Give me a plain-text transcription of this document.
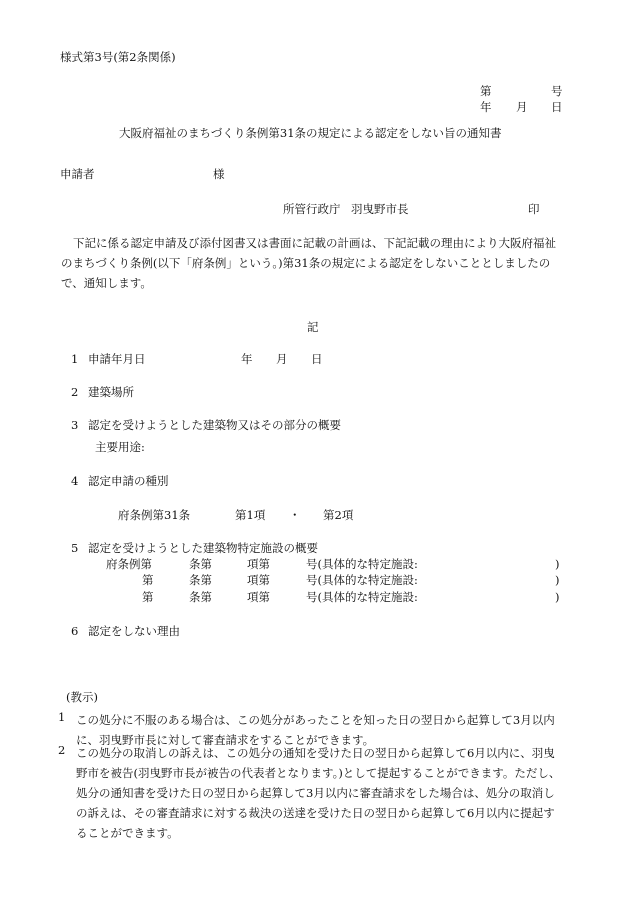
様式第3号(第2条関係)
第	号
年 月 日
大阪府福祉のまちづくり条例第31条の規定による認定をしない旨の通知書
申請者	様
所管行政庁 羽曳野市長	印
下記に係る認定申請及び添付図書又は書面に記載の計画は、下記記載の理由により大阪府福祉のまちづくり条例(以下「府条例」という。)第31条の規定による認定をしないこととしましたので、通知します。
記
1 申請年月日	年 月 日
2 建築場所
3 認定を受けようとした建築物又はその部分の概要
主要用途:
4 認定申請の種別
府条例第31条	第1項 ・ 第2項
5 認定を受けようとした建築物特定施設の概要
府条例第	条第	項第	号(具体的な特定施設:	)
第	条第	項第	号(具体的な特定施設:	)
第	条第	項第	号(具体的な特定施設:	)
6 認定をしない理由
(教示)
1 この処分に不服のある場合は、この処分があったことを知った日の翌日から起算して3月以内に、羽曳野市長に対して審査請求をすることができます。
2 この処分の取消しの訴えは、この処分の通知を受けた日の翌日から起算して6月以内に、羽曳野市を被告(羽曳野市長が被告の代表者となります。)として提起することができます。ただし、処分の通知書を受けた日の翌日から起算して3月以内に審査請求をした場合は、処分の取消しの訴えは、その審査請求に対する裁決の送達を受けた日の翌日から起算して6月以内に提起することができます。
